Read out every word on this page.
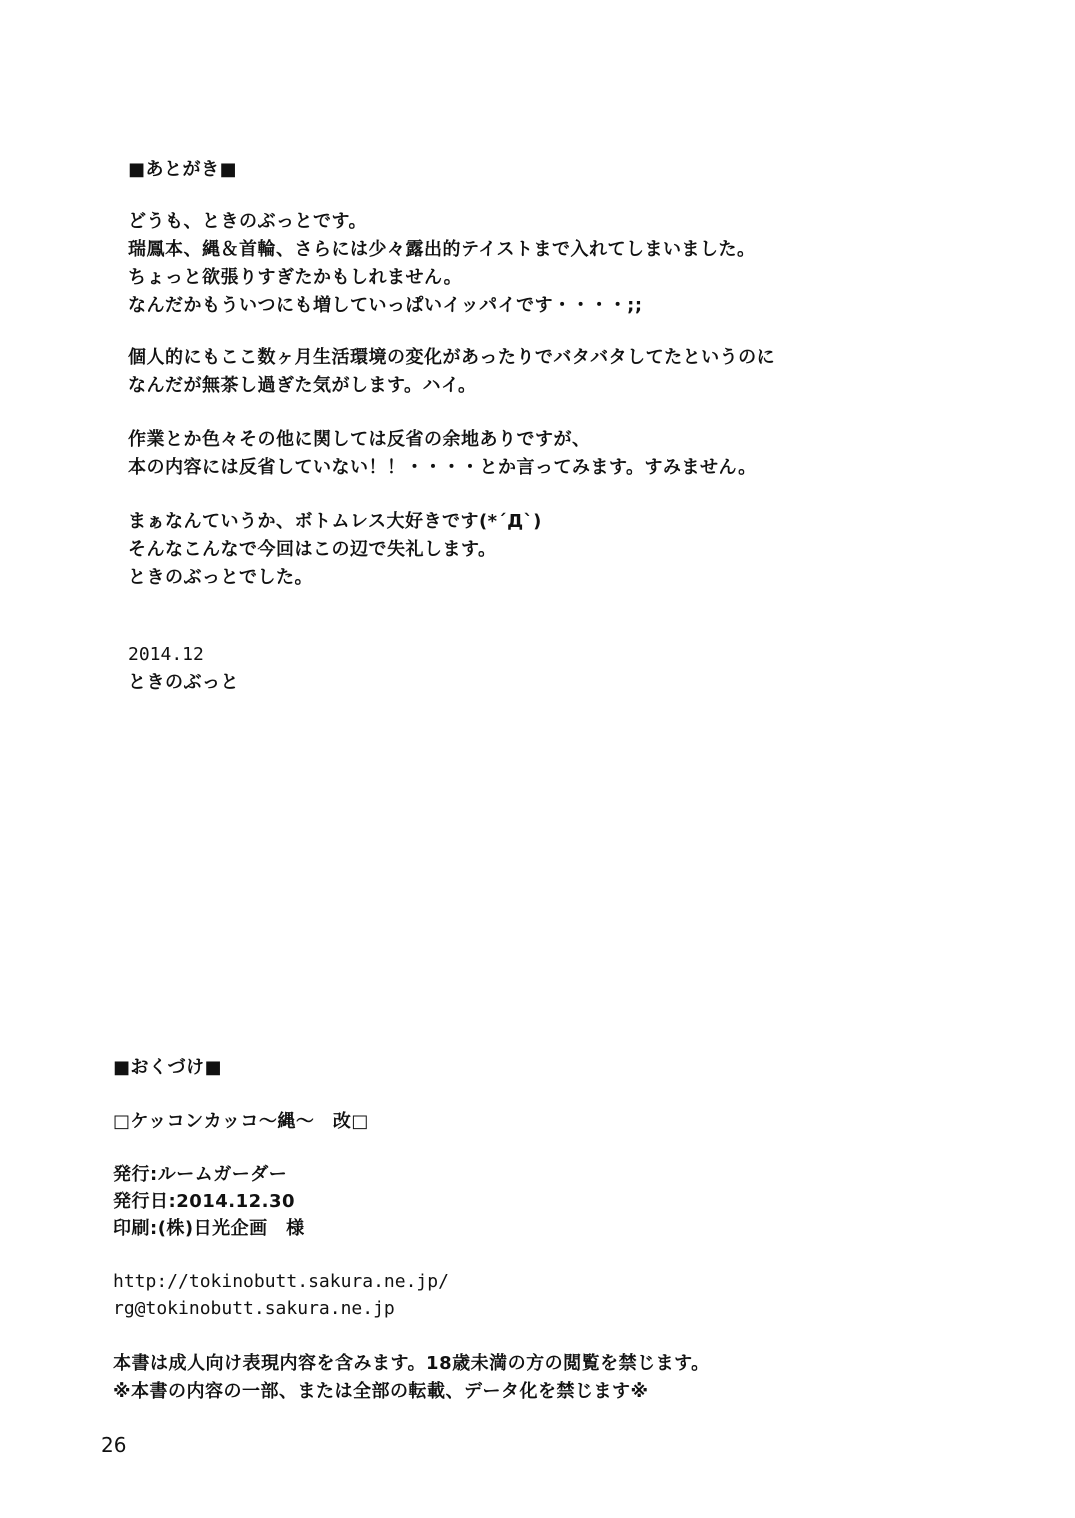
■あとがき■
どうも、ときのぶっとです。
瑞鳳本、縄＆首輪、さらには少々露出的テイストまで入れてしまいました。
ちょっと欲張りすぎたかもしれません。
なんだかもういつにも増していっぱいイッパイです・・・・;;
個人的にもここ数ヶ月生活環境の変化があったりでバタバタしてたというのに
なんだが無茶し過ぎた気がします。ハイ。
作業とか色々その他に関しては反省の余地ありですが、
本の内容には反省していない！！・・・・とか言ってみます。すみません。
まぁなんていうか、ボトムレス大好きです(*´Д`)
そんなこんなで今回はこの辺で失礼します。
ときのぶっとでした。
2014.12
ときのぶっと
■おくづけ■
□ケッコンカッコ～縄～　改□
発行:ルームガーダー
発行日:2014.12.30
印刷:(株)日光企画　様
http://tokinobutt.sakura.ne.jp/
rg@tokinobutt.sakura.ne.jp
本書は成人向け表現内容を含みます。18歳未満の方の閲覧を禁じます。
※本書の内容の一部、または全部の転載、データ化を禁じます※
26
